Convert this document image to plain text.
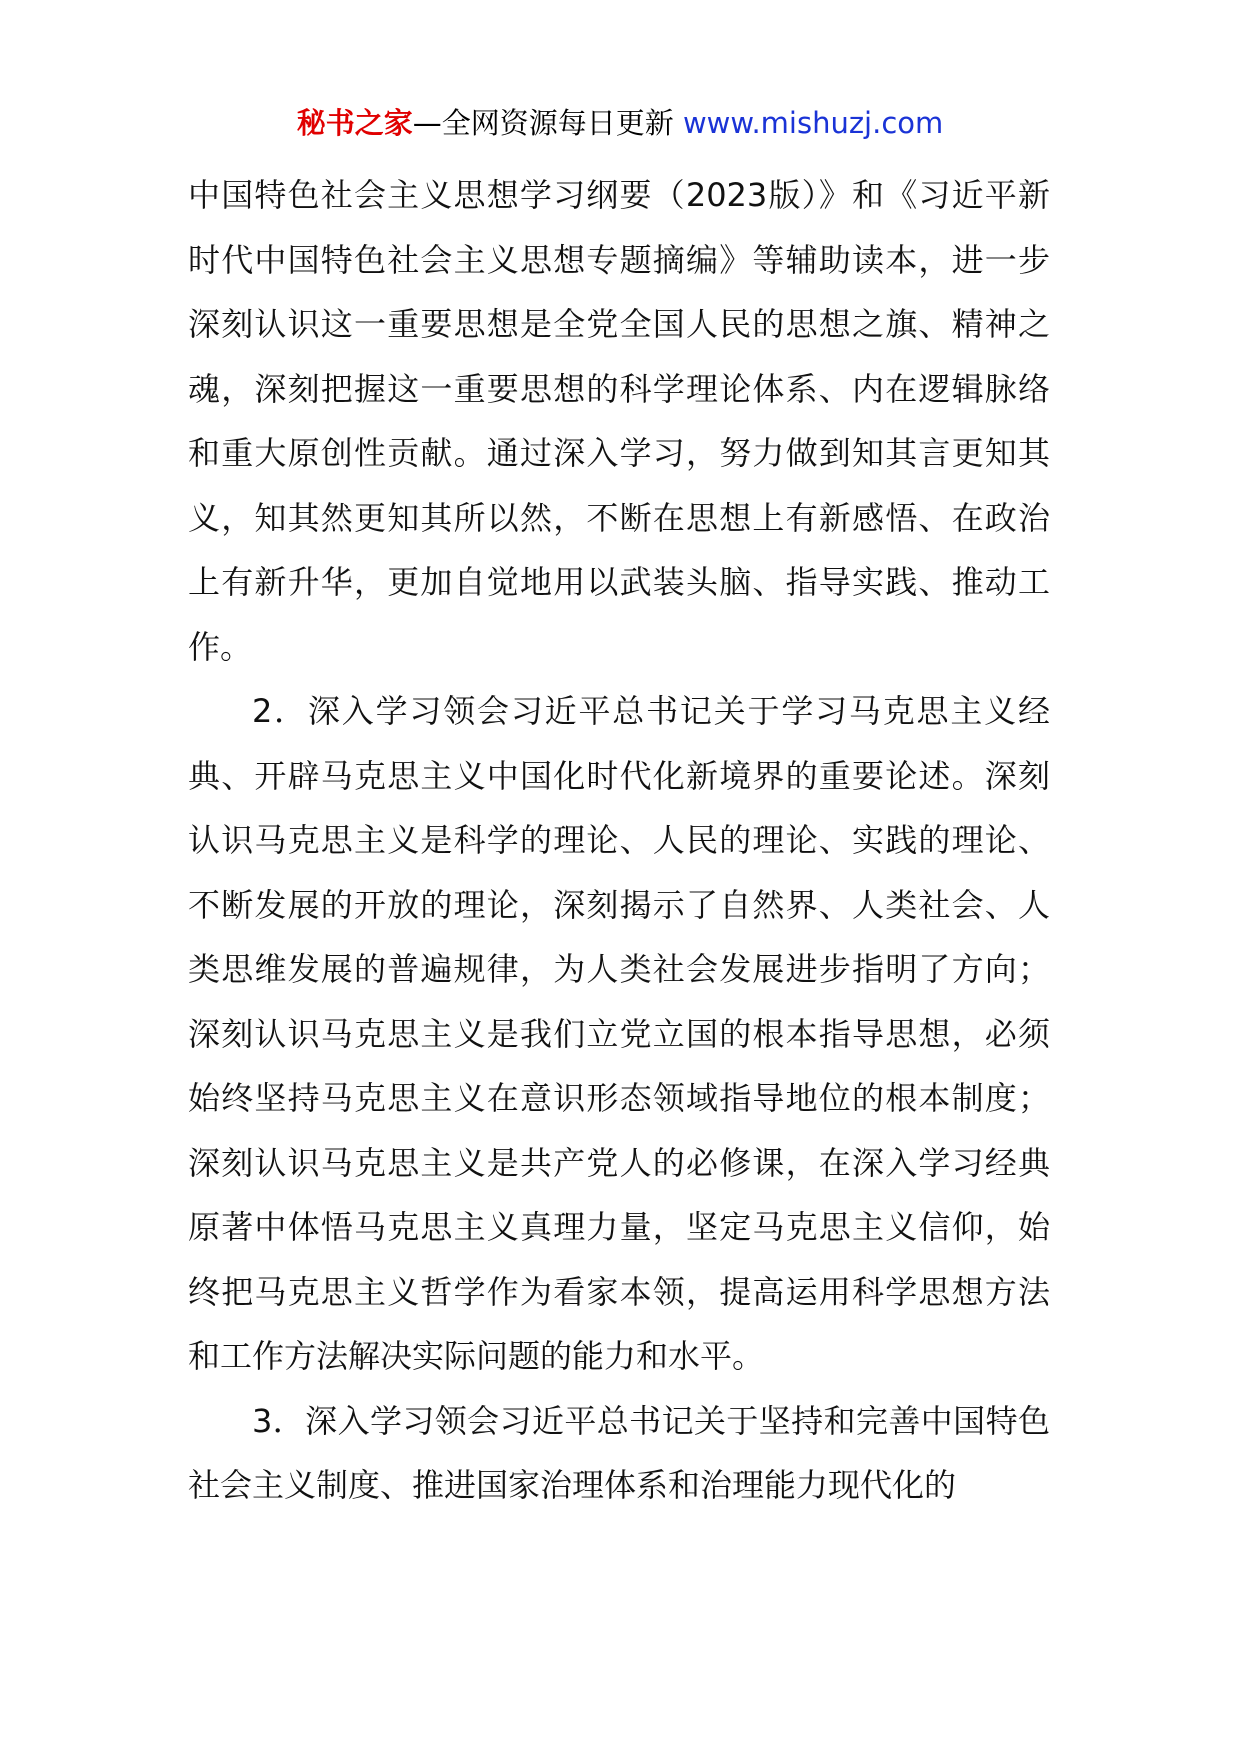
秘书之家—全网资源每日更新 www.mishuzj.com

中国特色社会主义思想学习纲要（2023版）》和《习近平新时代中国特色社会主义思想专题摘编》等辅助读本，进一步深刻认识这一重要思想是全党全国人民的思想之旗、精神之魂，深刻把握这一重要思想的科学理论体系、内在逻辑脉络和重大原创性贡献。通过深入学习，努力做到知其言更知其义，知其然更知其所以然，不断在思想上有新感悟、在政治上有新升华，更加自觉地用以武装头脑、指导实践、推动工作。

2．深入学习领会习近平总书记关于学习马克思主义经典、开辟马克思主义中国化时代化新境界的重要论述。深刻认识马克思主义是科学的理论、人民的理论、实践的理论、不断发展的开放的理论，深刻揭示了自然界、人类社会、人类思维发展的普遍规律，为人类社会发展进步指明了方向；深刻认识马克思主义是我们立党立国的根本指导思想，必须始终坚持马克思主义在意识形态领域指导地位的根本制度；深刻认识马克思主义是共产党人的必修课，在深入学习经典原著中体悟马克思主义真理力量，坚定马克思主义信仰，始终把马克思主义哲学作为看家本领，提高运用科学思想方法和工作方法解决实际问题的能力和水平。

3．深入学习领会习近平总书记关于坚持和完善中国特色社会主义制度、推进国家治理体系和治理能力现代化的
